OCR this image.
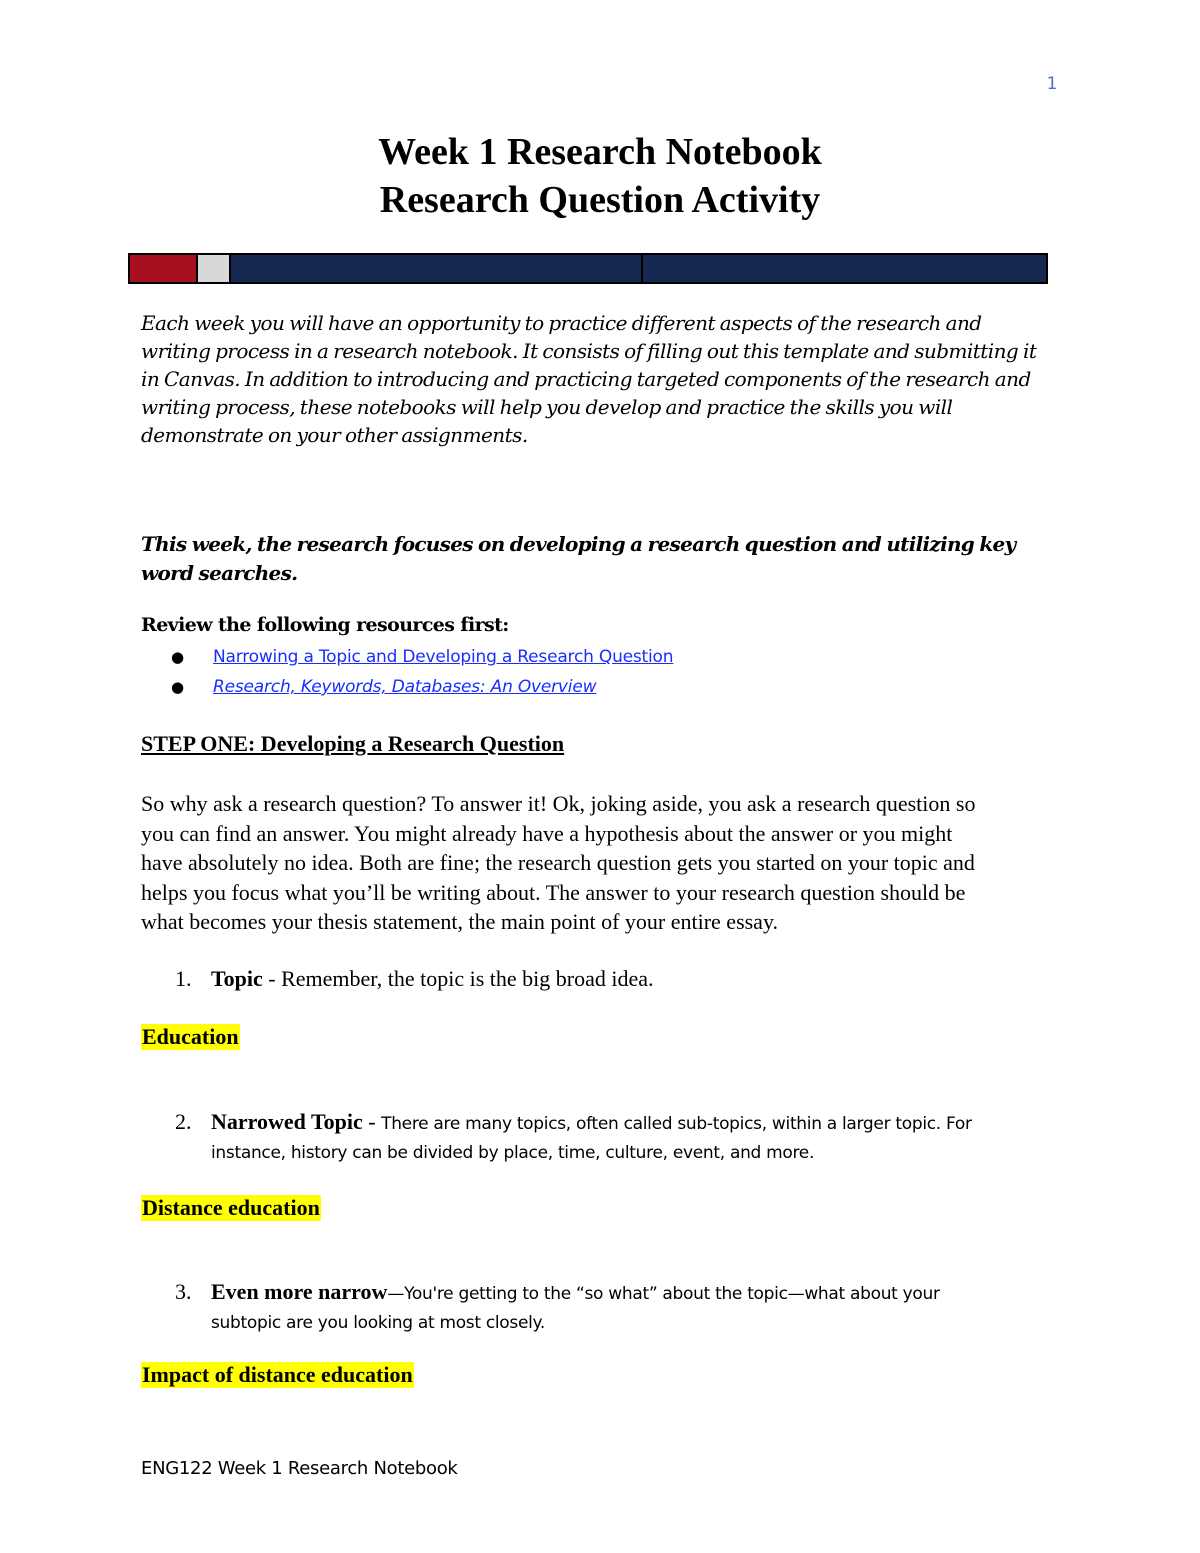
1
Week 1 Research Notebook
Research Question Activity
Each week you will have an opportunity to practice different aspects of the research and
writing process in a research notebook. It consists of filling out this template and submitting it
in Canvas. In addition to introducing and practicing targeted components of the research and
writing process, these notebooks will help you develop and practice the skills you will
demonstrate on your other assignments.
This week, the research focuses on developing a research question and utilizing key
word searches.
Review the following resources first:
●	Narrowing a Topic and Developing a Research Question
●	Research, Keywords, Databases: An Overview
STEP ONE: Developing a Research Question
So why ask a research question? To answer it! Ok, joking aside, you ask a research question so
you can find an answer. You might already have a hypothesis about the answer or you might
have absolutely no idea. Both are fine; the research question gets you started on your topic and
helps you focus what you’ll be writing about. The answer to your research question should be
what becomes your thesis statement, the main point of your entire essay.
1. Topic - Remember, the topic is the big broad idea.
Education
2. Narrowed Topic - There are many topics, often called sub-topics, within a larger topic. For
instance, history can be divided by place, time, culture, event, and more.
Distance education
3. Even more narrow—You're getting to the “so what” about the topic—what about your
subtopic are you looking at most closely.
Impact of distance education
ENG122 Week 1 Research Notebook
